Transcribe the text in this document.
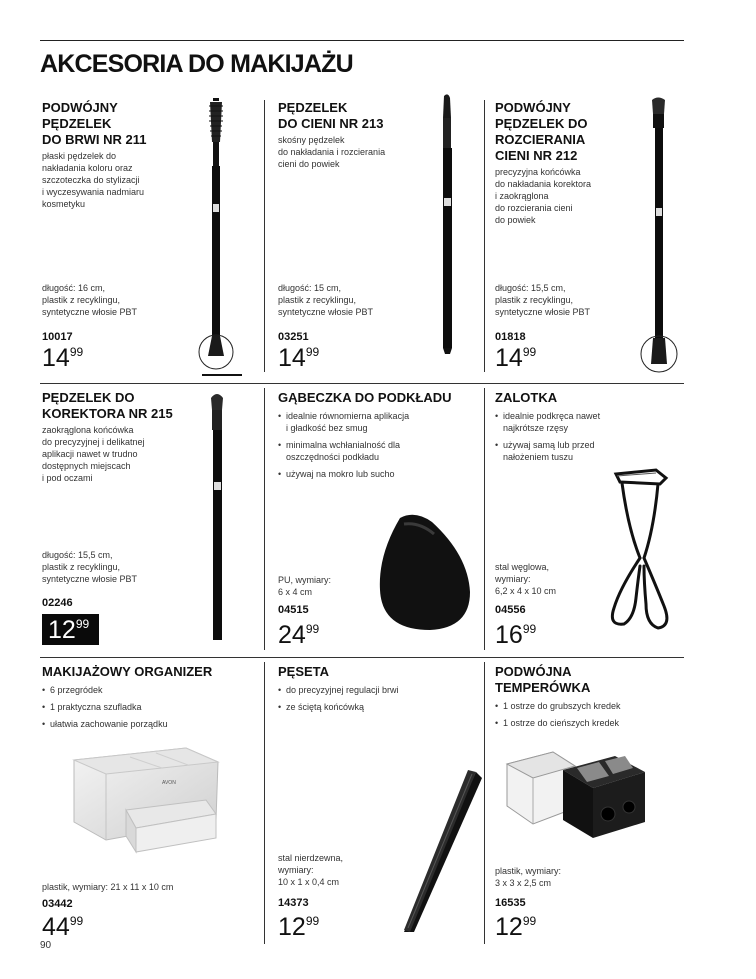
AKCESORIA DO MAKIJAŻU
PODWÓJNY
PĘDZELEK
DO BRWI NR 211
płaski pędzelek do
nakładania koloru oraz
szczoteczka do stylizacji
i wyczesywania nadmiaru
kosmetyku
długość: 16 cm,
plastik z recyklingu,
syntetyczne włosie PBT
10017
$14^{99}$
PĘDZELEK
DO CIENI NR 213
skośny pędzelek
do nakładania i rozcierania
cieni do powiek
długość: 15 cm,
plastik z recyklingu,
syntetyczne włosie PBT
03251
$14^{99}$
PODWÓJNY
PĘDZELEK DO
ROZCIERANIA
CIENI NR 212
precyzyjna końcówka
do nakładania korektora
i zaokrąglona
do rozcierania cieni
do powiek
długość: 15,5 cm,
plastik z recyklingu,
syntetyczne włosie PBT
01818
$14^{99}$
PĘDZELEK DO
KOREKTORA NR 215
zaokrąglona końcówka
do precyzyjnej i delikatnej
aplikacji nawet w trudno
dostępnych miejscach
i pod oczami
długość: 15,5 cm,
plastik z recyklingu,
syntetyczne włosie PBT
02246
$12^{99}$
GĄBECZKA DO PODKŁADU
• idealnie równomierna aplikacja
i gładkość bez smug
• minimalna wchłanialność dla
oszczędności podkładu
• używaj na mokro lub sucho
PU, wymiary:
6 x 4 cm
04515
$24^{99}$
ZALOTKA
• idealnie podkręca nawet
najkrótsze rzęsy
• używaj samą lub przed
nałożeniem tuszu
stal węglowa,
wymiary:
6,2 x 4 x 10 cm
04556
$16^{99}$
MAKIJAŻOWY ORGANIZER
• 6 przegródek
• 1 praktyczna szufladka
• ułatwia zachowanie porządku
AVON
plastik, wymiary: 21 x 11 x 10 cm
03442
$44^{99}$
PĘSETA
• do precyzyjnej regulacji brwi
• ze ściętą końcówką
stal nierdzewna,
wymiary:
10 x 1 x 0,4 cm
14373
$12^{99}$
PODWÓJNA
TEMPERÓWKA
• 1 ostrze do grubszych kredek
• 1 ostrze do cieńszych kredek
plastik, wymiary:
3 x 3 x 2,5 cm
16535
$12^{99}$
90
